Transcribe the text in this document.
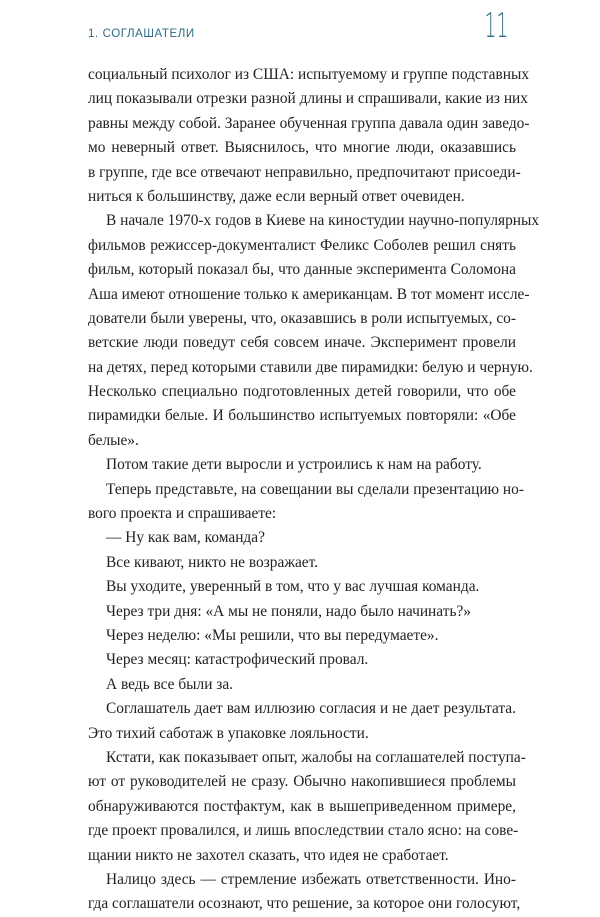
1. СОГЛАШАТЕЛИ	11
социальный психолог из США: испытуемому и группе подставных
лиц показывали отрезки разной длины и спрашивали, какие из них
равны между собой. Заранее обученная группа давала один заведо-
мо неверный ответ. Выяснилось, что многие люди, оказавшись
в группе, где все отвечают неправильно, предпочитают присоеди-
ниться к большинству, даже если верный ответ очевиден.
В начале 1970-х годов в Киеве на киностудии научно-популярных
фильмов режиссер-документалист Феликс Соболев решил снять
фильм, который показал бы, что данные эксперимента Соломона
Аша имеют отношение только к американцам. В тот момент иссле-
дователи были уверены, что, оказавшись в роли испытуемых, со-
ветские люди поведут себя совсем иначе. Эксперимент провели
на детях, перед которыми ставили две пирамидки: белую и черную.
Несколько специально подготовленных детей говорили, что обе
пирамидки белые. И большинство испытуемых повторяли: «Обе
белые».
Потом такие дети выросли и устроились к нам на работу.
Теперь представьте, на совещании вы сделали презентацию но-
вого проекта и спрашиваете:
— Ну как вам, команда?
Все кивают, никто не возражает.
Вы уходите, уверенный в том, что у вас лучшая команда.
Через три дня: «А мы не поняли, надо было начинать?»
Через неделю: «Мы решили, что вы передумаете».
Через месяц: катастрофический провал.
А ведь все были за.
Соглашатель дает вам иллюзию согласия и не дает результата.
Это тихий саботаж в упаковке лояльности.
Кстати, как показывает опыт, жалобы на соглашателей поступа-
ют от руководителей не сразу. Обычно накопившиеся проблемы
обнаруживаются постфактум, как в вышеприведенном примере,
где проект провалился, и лишь впоследствии стало ясно: на сове-
щании никто не захотел сказать, что идея не сработает.
Налицо здесь — стремление избежать ответственности. Ино-
гда соглашатели осознают, что решение, за которое они голосуют,
